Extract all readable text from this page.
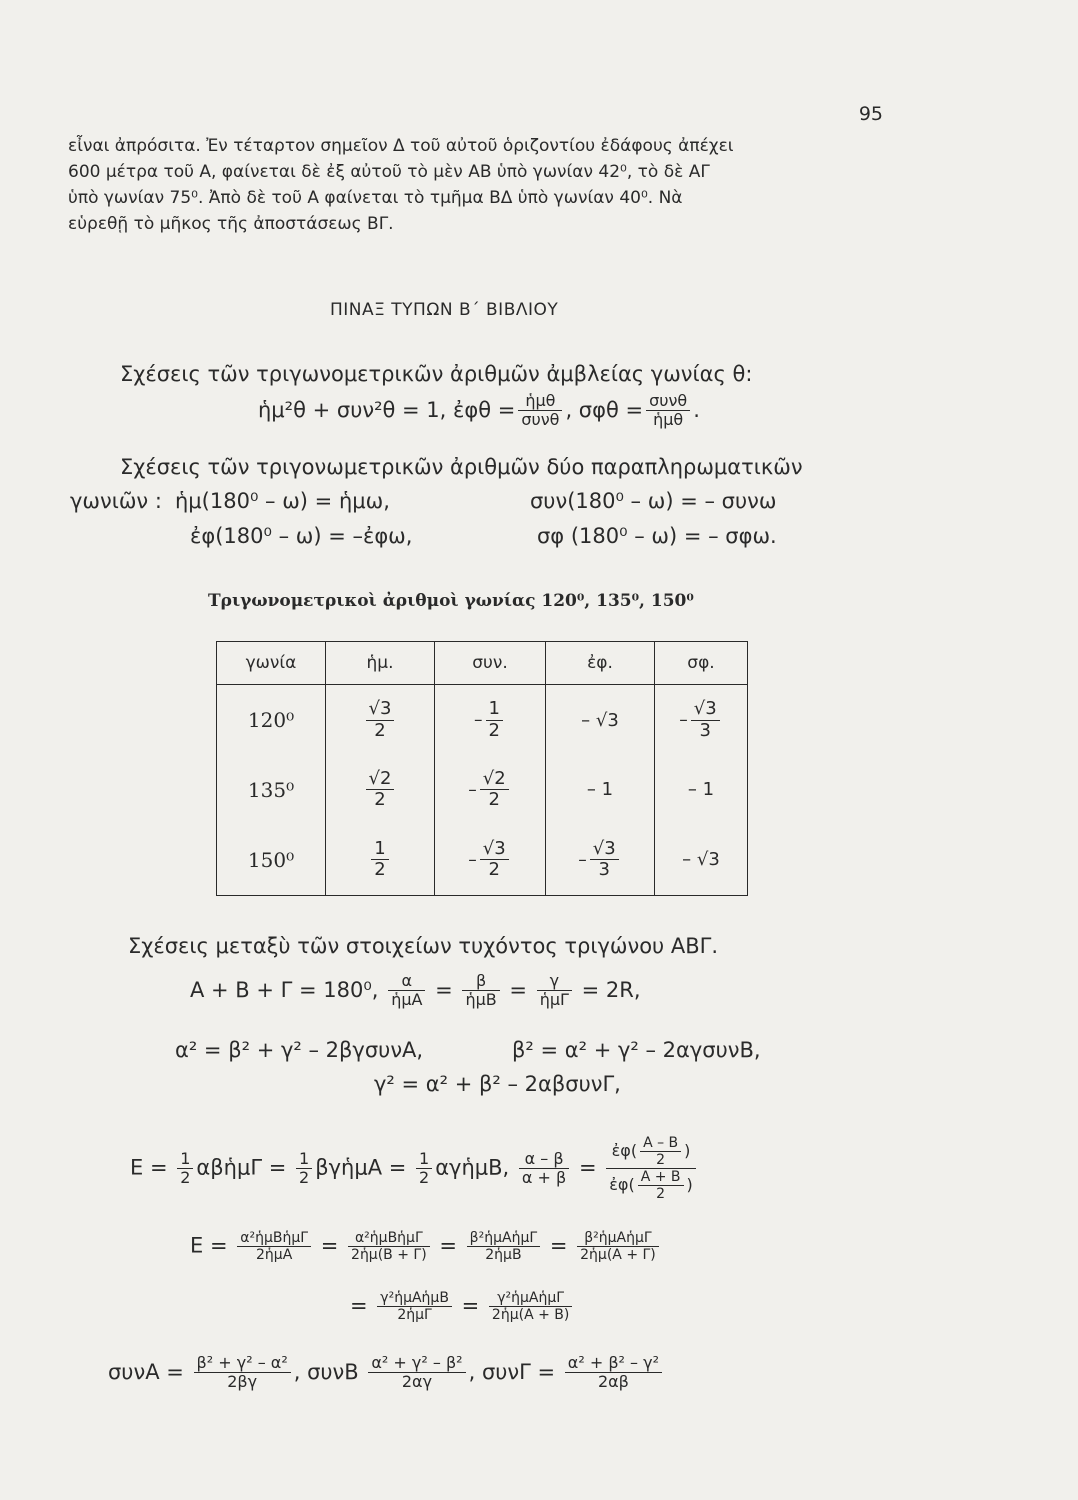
95
εἶναι ἀπρόσιτα. Ἐν τέταρτον σημεῖον Δ τοῦ αὐτοῦ ὁριζοντίου ἐδάφους ἀπέχει
600 μέτρα τοῦ Α, φαίνεται δὲ ἐξ αὐτοῦ τὸ μὲν ΑΒ ὑπὸ γωνίαν 42⁰, τὸ δὲ ΑΓ
ὑπὸ γωνίαν 75⁰. Ἀπὸ δὲ τοῦ Α φαίνεται τὸ τμῆμα ΒΔ ὑπὸ γωνίαν 40⁰. Νὰ
εὑρεθῇ τὸ μῆκος τῆς ἀποστάσεως ΒΓ.
ΠΙΝΑΞ ΤΥΠΩΝ Β΄ ΒΙΒΛΙΟΥ
Σχέσεις τῶν τριγωνομετρικῶν ἀριθμῶν ἀμβλείας γωνίας θ:
ἡμ²θ + συν²θ = 1, ἐφθ = ἡμθ
συνθ , σφθ = συνθ
ἡμθ .
Σχέσεις τῶν τριγονωμετρικῶν ἀριθμῶν δύο παραπληρωματικῶν
γωνιῶν : ἡμ(180⁰ – ω) = ἡμω,	συν(180⁰ – ω) = – συνω
ἐφ(180⁰ – ω) = –ἐφω,	σφ (180⁰ – ω) = – σφω.
Τριγωνομετρικοὶ ἀριθμοὶ γωνίας 120⁰, 135⁰, 150⁰
γωνία	ἡμ.	συν.	ἐφ.	σφ.
120⁰	$\frac{√3}{2}$	– $\frac{1}{2}$	– √3	– $\frac{√3}{3}$

135⁰	$\frac{√2}{2}$	– $\frac{√2}{2}$	– 1	– 1
150⁰	$\frac{1}{2}$	– $\frac{√3}{2}$	– $\frac{√3}{3}$	– √3
Σχέσεις μεταξὺ τῶν στοιχείων τυχόντος τριγώνου ΑΒΓ.
Α + Β + Γ = 180⁰,	α
ἡμΑ =	β
ἡμΒ =	γ
ἡμΓ = 2R,
α² = β² + γ² – 2βγσυνΑ,	β² = α² + γ² – 2αγσυνΒ,
γ² = α² + β² – 2αβσυνΓ,
$E = \frac{1}{2}$ αβἡμΓ = $\frac{1}{2}$ βγἡμΑ = $\frac{1}{2}$ αγἡμΒ, $\frac{\alpha - \beta}{\alpha + \beta} = \frac{ἐ\varphi( \frac{A - B}{2} )}{ἐ\varphi( \frac{A + B}{2} )}$
Ε = α²ἡμΒἡμΓ
2ἡμΑ	=	α²ἡμΒἡμΓ
2ἡμ(Β + Γ) = β²ἡμΑἡμΓ
2ἡμΒ	=	β²ἡμΑἡμΓ
2ἡμ(Α + Γ)
= γ²ἡμΑἡμΒ
2ἡμΓ	=	γ²ἡμΑἡμΓ
2ἡμ(Α + Β)
$\sigma\upsilon\nu A = \frac{\text{β² + γ² – α²}}{2\beta\gamma}$ , συνΒ $\frac{\text{α² + γ² – β²}}{2\alpha\gamma}$ , $\sigma\upsilon\nu\Gamma = \frac{\text{α² + β² – γ²}}{2\alpha\beta}$
